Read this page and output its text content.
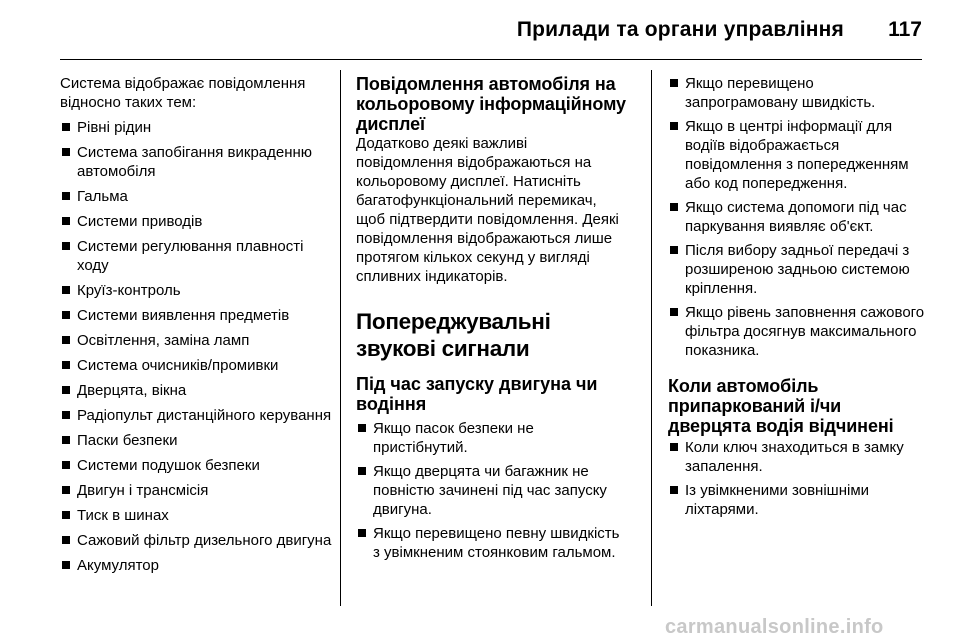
Прилади та органи управління 117

Система відображає повідомлення відносно таких тем:

Рівні рідин
Система запобігання викраденню автомобіля
Гальма
Системи приводів
Системи регулювання плавності ходу
Круїз-контроль
Системи виявлення предметів
Освітлення, заміна ламп
Система очисників/промивки
Дверцята, вікна
Радіопульт дистанційного керування
Паски безпеки
Системи подушок безпеки
Двигун і трансмісія
Тиск в шинах
Сажовий фільтр дизельного двигуна
Акумулятор
Повідомлення автомобіля на кольоровому інформаційному дисплеї

Додатково деякі важливі повідомлення відображаються на кольоровому дисплеї. Натисніть багатофункціональний перемикач, щоб підтвердити повідомлення. Деякі повідомлення відображаються лише протягом кількох секунд у вигляді спливних індикаторів.

Попереджувальні звукові сигнали
Під час запуску двигуна чи водіння
Якщо пасок безпеки не пристібнутий.
Якщо дверцята чи багажник не повністю зачинені під час запуску двигуна.
Якщо перевищено певну швидкість з увімкненим стоянковим гальмом.
Якщо перевищено запрограмовану швидкість.
Якщо в центрі інформації для водіїв відображається повідомлення з попередженням або код попередження.
Якщо система допомоги під час паркування виявляє об'єкт.
Після вибору задньої передачі з розширеною задньою системою кріплення.
Якщо рівень заповнення сажового фільтра досягнув максимального показника.
Коли автомобіль припаркований і/чи дверцята водія відчинені
Коли ключ знаходиться в замку запалення.
Із увімкненими зовнішніми ліхтарями.
carmanualsonline.info
